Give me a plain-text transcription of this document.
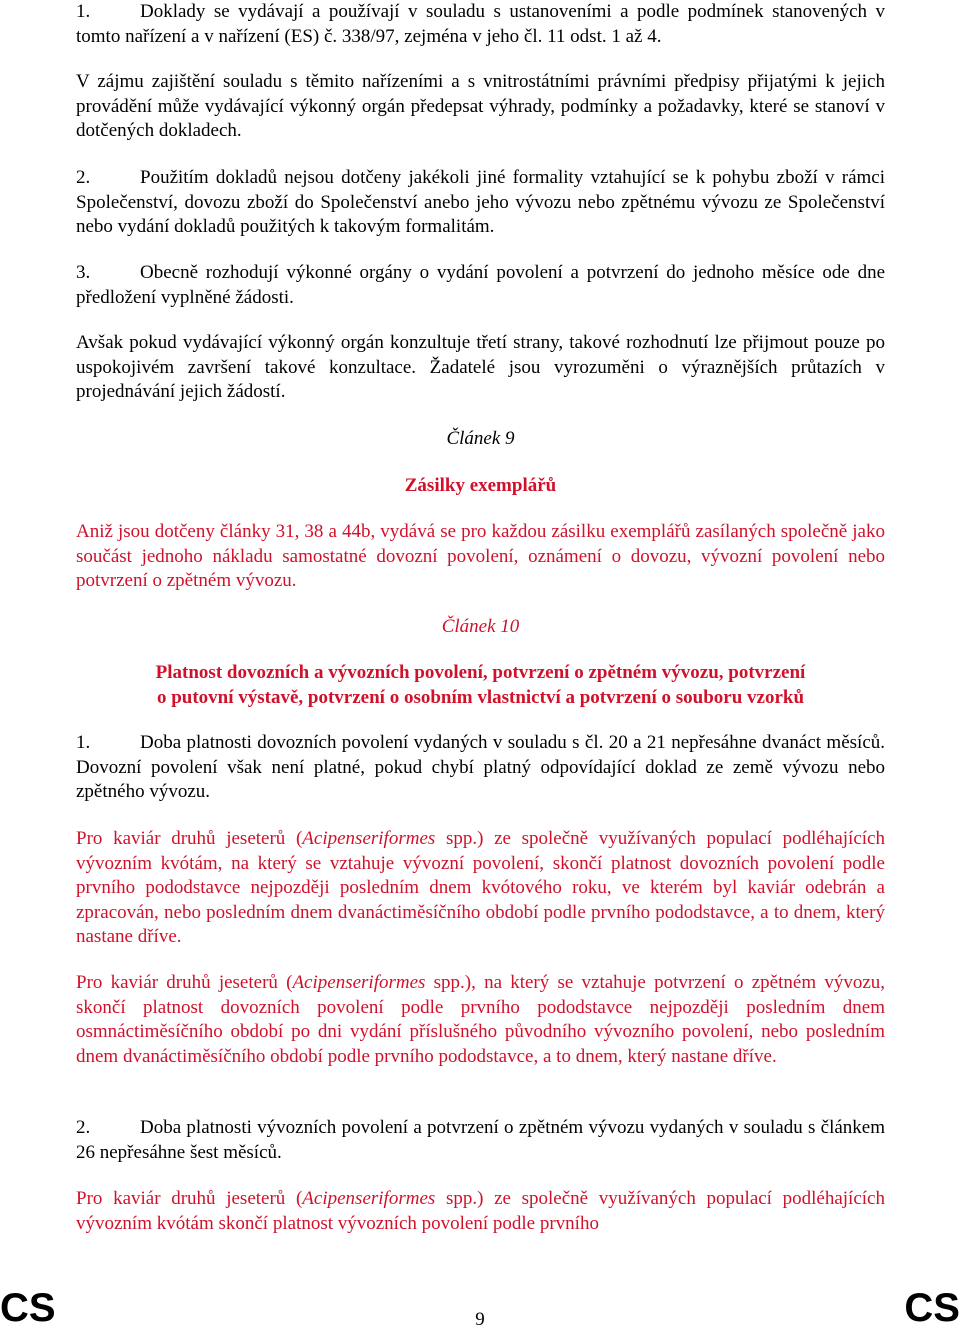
1.	Doklady se vydávají a používají v souladu s ustanoveními a podle podmínek stanovených v tomto nařízení a v nařízení (ES) č. 338/97, zejména v jeho čl. 11 odst. 1 až 4.

V zájmu zajištění souladu s těmito nařízeními a s vnitrostátními právními předpisy přijatými k jejich provádění může vydávající výkonný orgán předepsat výhrady, podmínky a požadavky, které se stanoví v dotčených dokladech.

2.	Použitím dokladů nejsou dotčeny jakékoli jiné formality vztahující se k pohybu zboží v rámci Společenství, dovozu zboží do Společenství anebo jeho vývozu nebo zpětnému vývozu ze Společenství nebo vydání dokladů použitých k takovým formalitám.

3.	Obecně rozhodují výkonné orgány o vydání povolení a potvrzení do jednoho měsíce ode dne předložení vyplněné žádosti.

Avšak pokud vydávající výkonný orgán konzultuje třetí strany, takové rozhodnutí lze přijmout pouze po uspokojivém završení takové konzultace. Žadatelé jsou vyrozuměni o výraznějších průtazích v projednávání jejich žádostí.

Článek 9

Zásilky exemplářů

Aniž jsou dotčeny články 31, 38 a 44b, vydává se pro každou zásilku exemplářů zasílaných společně jako součást jednoho nákladu samostatné dovozní povolení, oznámení o dovozu, vývozní povolení nebo potvrzení o zpětném vývozu.

Článek 10

Platnost dovozních a vývozních povolení, potvrzení o zpětném vývozu, potvrzení
o putovní výstavě, potvrzení o osobním vlastnictví a potvrzení o souboru vzorků

1.	Doba platnosti dovozních povolení vydaných v souladu s čl. 20 a 21 nepřesáhne dvanáct měsíců. Dovozní povolení však není platné, pokud chybí platný odpovídající doklad ze země vývozu nebo zpětného vývozu.

Pro kaviár druhů jeseterů (Acipenseriformes spp.) ze společně využívaných populací podléhajících vývozním kvótám, na který se vztahuje vývozní povolení, skončí platnost dovozních povolení podle prvního pododstavce nejpozději posledním dnem kvótového roku, ve kterém byl kaviár odebrán a zpracován, nebo posledním dnem dvanáctiměsíčního období podle prvního pododstavce, a to dnem, který nastane dříve.

Pro kaviár druhů jeseterů (Acipenseriformes spp.), na který se vztahuje potvrzení o zpětném vývozu, skončí platnost dovozních povolení podle prvního pododstavce nejpozději posledním dnem osmnáctiměsíčního období po dni vydání příslušného původního vývozního povolení, nebo posledním dnem dvanáctiměsíčního období podle prvního pododstavce, a to dnem, který nastane dříve.

2.	Doba platnosti vývozních povolení a potvrzení o zpětném vývozu vydaných v souladu s článkem 26 nepřesáhne šest měsíců.

Pro kaviár druhů jeseterů (Acipenseriformes spp.) ze společně využívaných populací podléhajících vývozním kvótám skončí platnost vývozních povolení podle prvního

CS	9	CS
